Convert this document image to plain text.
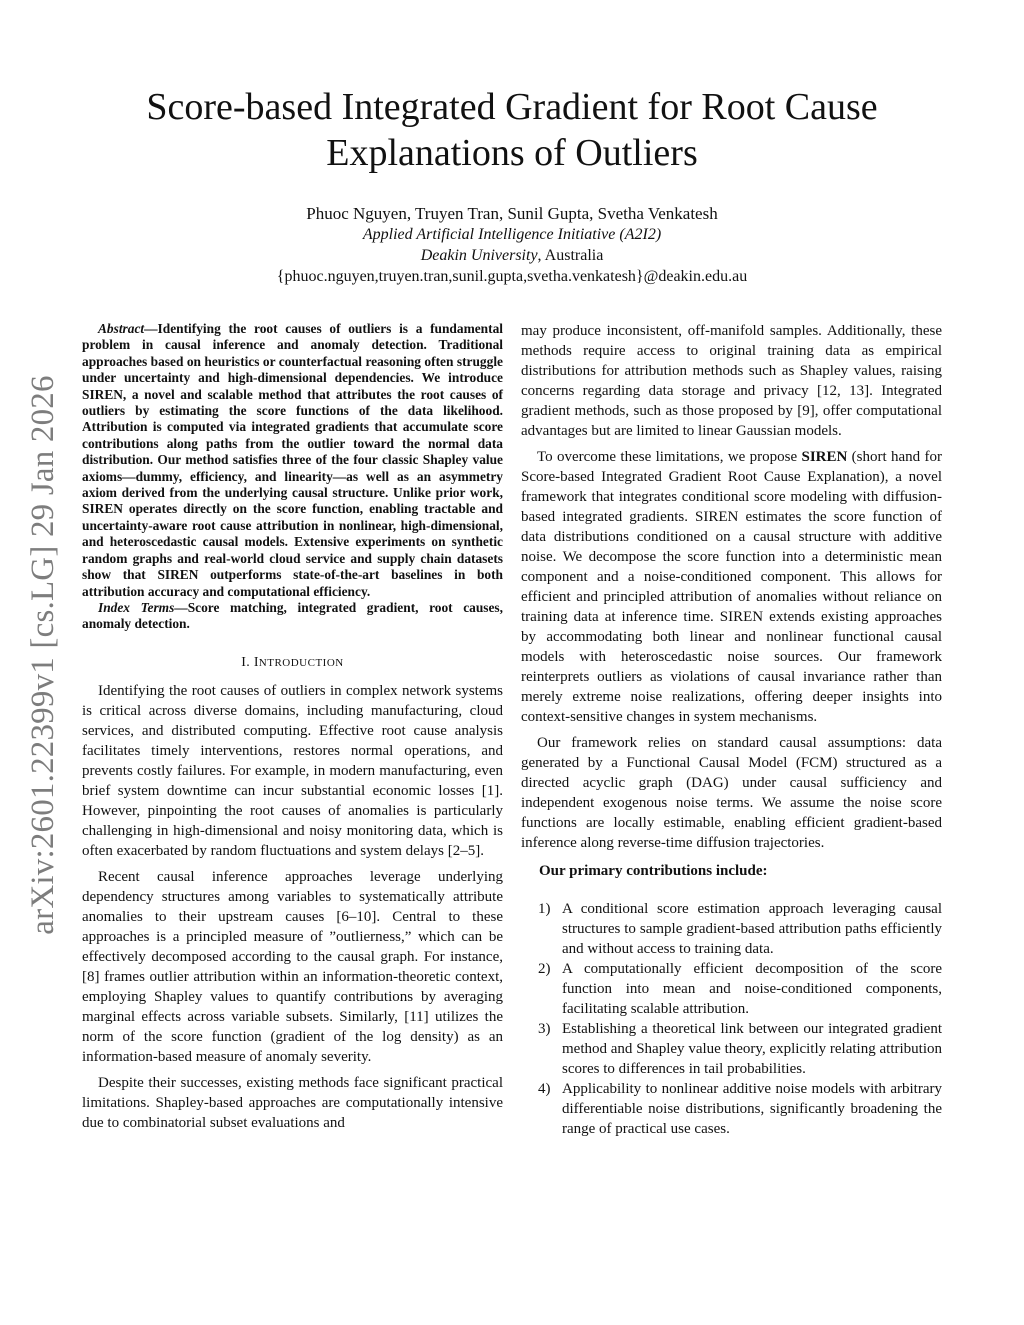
arXiv:2601.22399v1 [cs.LG] 29 Jan 2026
Score-based Integrated Gradient for Root Cause
Explanations of Outliers
Phuoc Nguyen, Truyen Tran, Sunil Gupta, Svetha Venkatesh
Applied Artificial Intelligence Initiative (A2I2)
Deakin University, Australia
{phuoc.nguyen,truyen.tran,sunil.gupta,svetha.venkatesh}@deakin.edu.au

Abstract—Identifying the root causes of outliers is a fundamental problem in causal inference and anomaly detection. Traditional approaches based on heuristics or counterfactual reasoning often struggle under uncertainty and high-dimensional dependencies. We introduce SIREN, a novel and scalable method that attributes the root causes of outliers by estimating the score functions of the data likelihood. Attribution is computed via integrated gradients that accumulate score contributions along paths from the outlier toward the normal data distribution. Our method satisfies three of the four classic Shapley value axioms—dummy, efficiency, and linearity—as well as an asymmetry axiom derived from the underlying causal structure. Unlike prior work, SIREN operates directly on the score function, enabling tractable and uncertainty-aware root cause attribution in nonlinear, high-dimensional, and heteroscedastic causal models. Extensive experiments on synthetic random graphs and real-world cloud service and supply chain datasets show that SIREN outperforms state-of-the-art baselines in both attribution accuracy and computational efficiency.

Index Terms—Score matching, integrated gradient, root causes, anomaly detection.

I. INTRODUCTION

Identifying the root causes of outliers in complex network systems is critical across diverse domains, including manufacturing, cloud services, and distributed computing. Effective root cause analysis facilitates timely interventions, restores normal operations, and prevents costly failures. For example, in modern manufacturing, even brief system downtime can incur substantial economic losses [1]. However, pinpointing the root causes of anomalies is particularly challenging in high-dimensional and noisy monitoring data, which is often exacerbated by random fluctuations and system delays [2–5].

Recent causal inference approaches leverage underlying dependency structures among variables to systematically attribute anomalies to their upstream causes [6–10]. Central to these approaches is a principled measure of ”outlierness,” which can be effectively decomposed according to the causal graph. For instance, [8] frames outlier attribution within an information-theoretic context, employing Shapley values to quantify contributions by averaging marginal effects across variable subsets. Similarly, [11] utilizes the norm of the score function (gradient of the log density) as an information-based measure of anomaly severity.

Despite their successes, existing methods face significant practical limitations. Shapley-based approaches are computationally intensive due to combinatorial subset evaluations and

may produce inconsistent, off-manifold samples. Additionally, these methods require access to original training data as empirical distributions for attribution methods such as Shapley values, raising concerns regarding data storage and privacy [12, 13]. Integrated gradient methods, such as those proposed by [9], offer computational advantages but are limited to linear Gaussian models.

To overcome these limitations, we propose SIREN (short hand for Score-based Integrated Gradient Root Cause Explanation), a novel framework that integrates conditional score modeling with diffusion-based integrated gradients. SIREN estimates the score function of data distributions conditioned on a causal structure with additive noise. We decompose the score function into a deterministic mean component and a noise-conditioned component. This allows for efficient and principled attribution of anomalies without reliance on training data at inference time. SIREN extends existing approaches by accommodating both linear and nonlinear functional causal models with heteroscedastic noise sources. Our framework reinterprets outliers as violations of causal invariance rather than merely extreme noise realizations, offering deeper insights into context-sensitive changes in system mechanisms.

Our framework relies on standard causal assumptions: data generated by a Functional Causal Model (FCM) structured as a directed acyclic graph (DAG) under causal sufficiency and independent exogenous noise terms. We assume the noise score functions are locally estimable, enabling efficient gradient-based inference along reverse-time diffusion trajectories.

Our primary contributions include:
1) A conditional score estimation approach leveraging causal structures to sample gradient-based attribution paths efficiently and without access to training data.
2) A computationally efficient decomposition of the score function into mean and noise-conditioned components, facilitating scalable attribution.
3) Establishing a theoretical link between our integrated gradient method and Shapley value theory, explicitly relating attribution scores to differences in tail probabilities.
4) Applicability to nonlinear additive noise models with arbitrary differentiable noise distributions, significantly broadening the range of practical use cases.
